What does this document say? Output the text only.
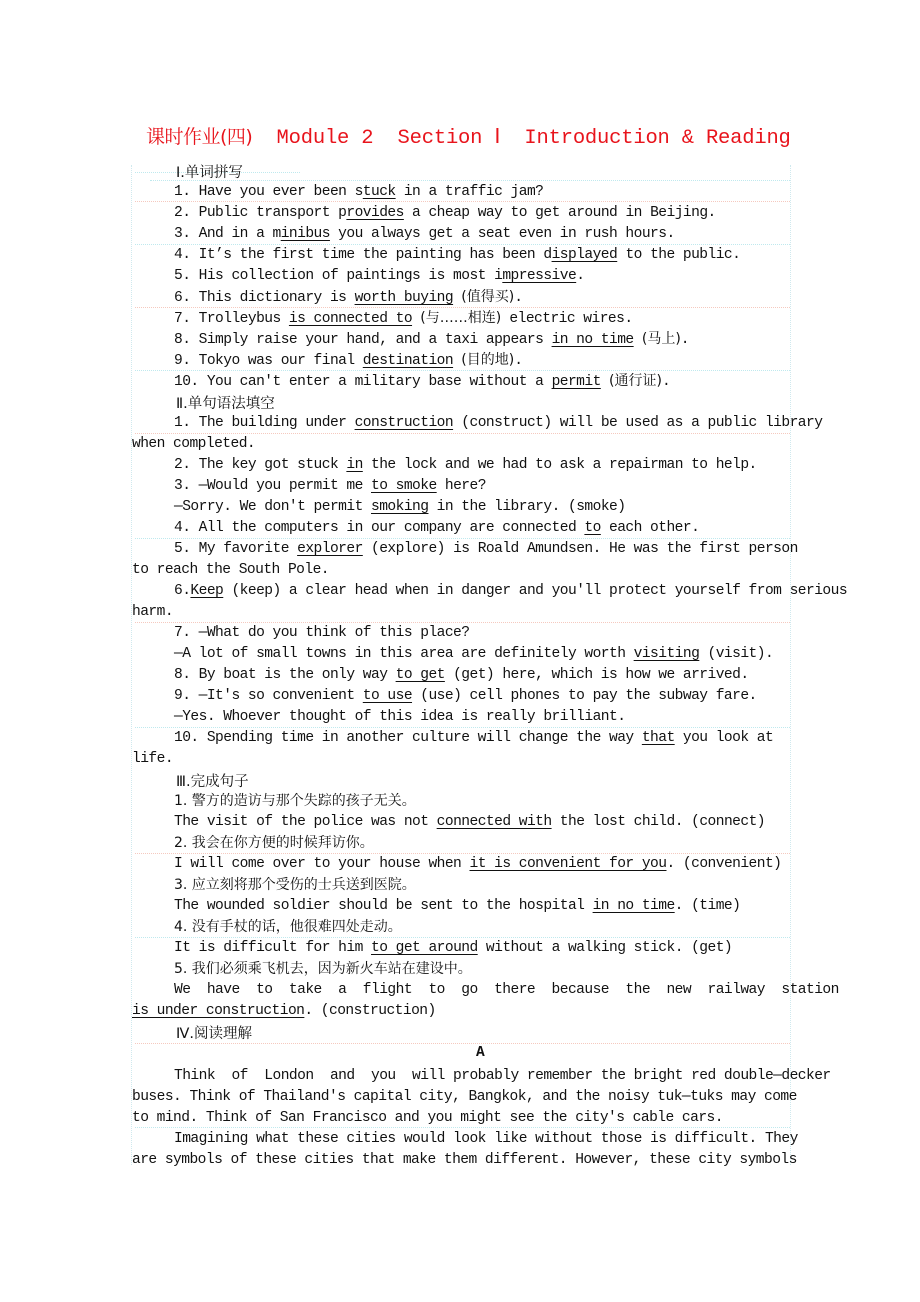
课时作业(四)  Module 2  Section Ⅰ  Introduction & Reading
Ⅰ.单词拼写
1. Have you ever been stuck in a traffic jam?
2. Public transport provides a cheap way to get around in Beijing.
3. And in a minibus you always get a seat even in rush hours.
4. It’s the first time the painting has been displayed to the public.
5. His collection of paintings is most impressive.
6. This dictionary is worth buying (值得买).
7. Trolleybus is connected to (与……相连) electric wires.
8. Simply raise your hand, and a taxi appears in no time (马上).
9. Tokyo was our final destination (目的地).
10. You can't enter a military base without a permit (通行证).
Ⅱ.单句语法填空
1. The building under construction (construct) will be used as a public library
when completed.
2. The key got stuck in the lock and we had to ask a repairman to help.
3. —Would you permit me to smoke here?
—Sorry. We don't permit smoking in the library. (smoke)
4. All the computers in our company are connected to each other.
5. My favorite explorer (explore) is Roald Amundsen. He was the first person
to reach the South Pole.
6.Keep (keep) a clear head when in danger and you'll protect yourself from serious
harm.
7. —What do you think of this place?
—A lot of small towns in this area are definitely worth visiting (visit).
8. By boat is the only way to get (get) here, which is how we arrived.
9. —It's so convenient to use (use) cell phones to pay the subway fare.
—Yes. Whoever thought of this idea is really brilliant.
10. Spending time in another culture will change the way that you look at
life.
Ⅲ.完成句子
1. 警方的造访与那个失踪的孩子无关。
The visit of the police was not connected with the lost child. (connect)
2. 我会在你方便的时候拜访你。
I will come over to your house when it is convenient for you. (convenient)
3. 应立刻将那个受伤的士兵送到医院。
The wounded soldier should be sent to the hospital in no time. (time)
4. 没有手杖的话，他很难四处走动。
It is difficult for him to get around without a walking stick. (get)
5. 我们必须乘飞机去，因为新火车站在建设中。
We  have  to  take  a  flight  to  go  there  because  the  new  railway  station
is under construction. (construction)
Ⅳ.阅读理解
A
Think  of  London  and  you  will probably remember the bright red double—decker
buses. Think of Thailand's capital city, Bangkok, and the noisy tuk—tuks may come
to mind. Think of San Francisco and you might see the city's cable cars.
Imagining what these cities would look like without those is difficult. They
are symbols of these cities that make them different. However, these city symbols
